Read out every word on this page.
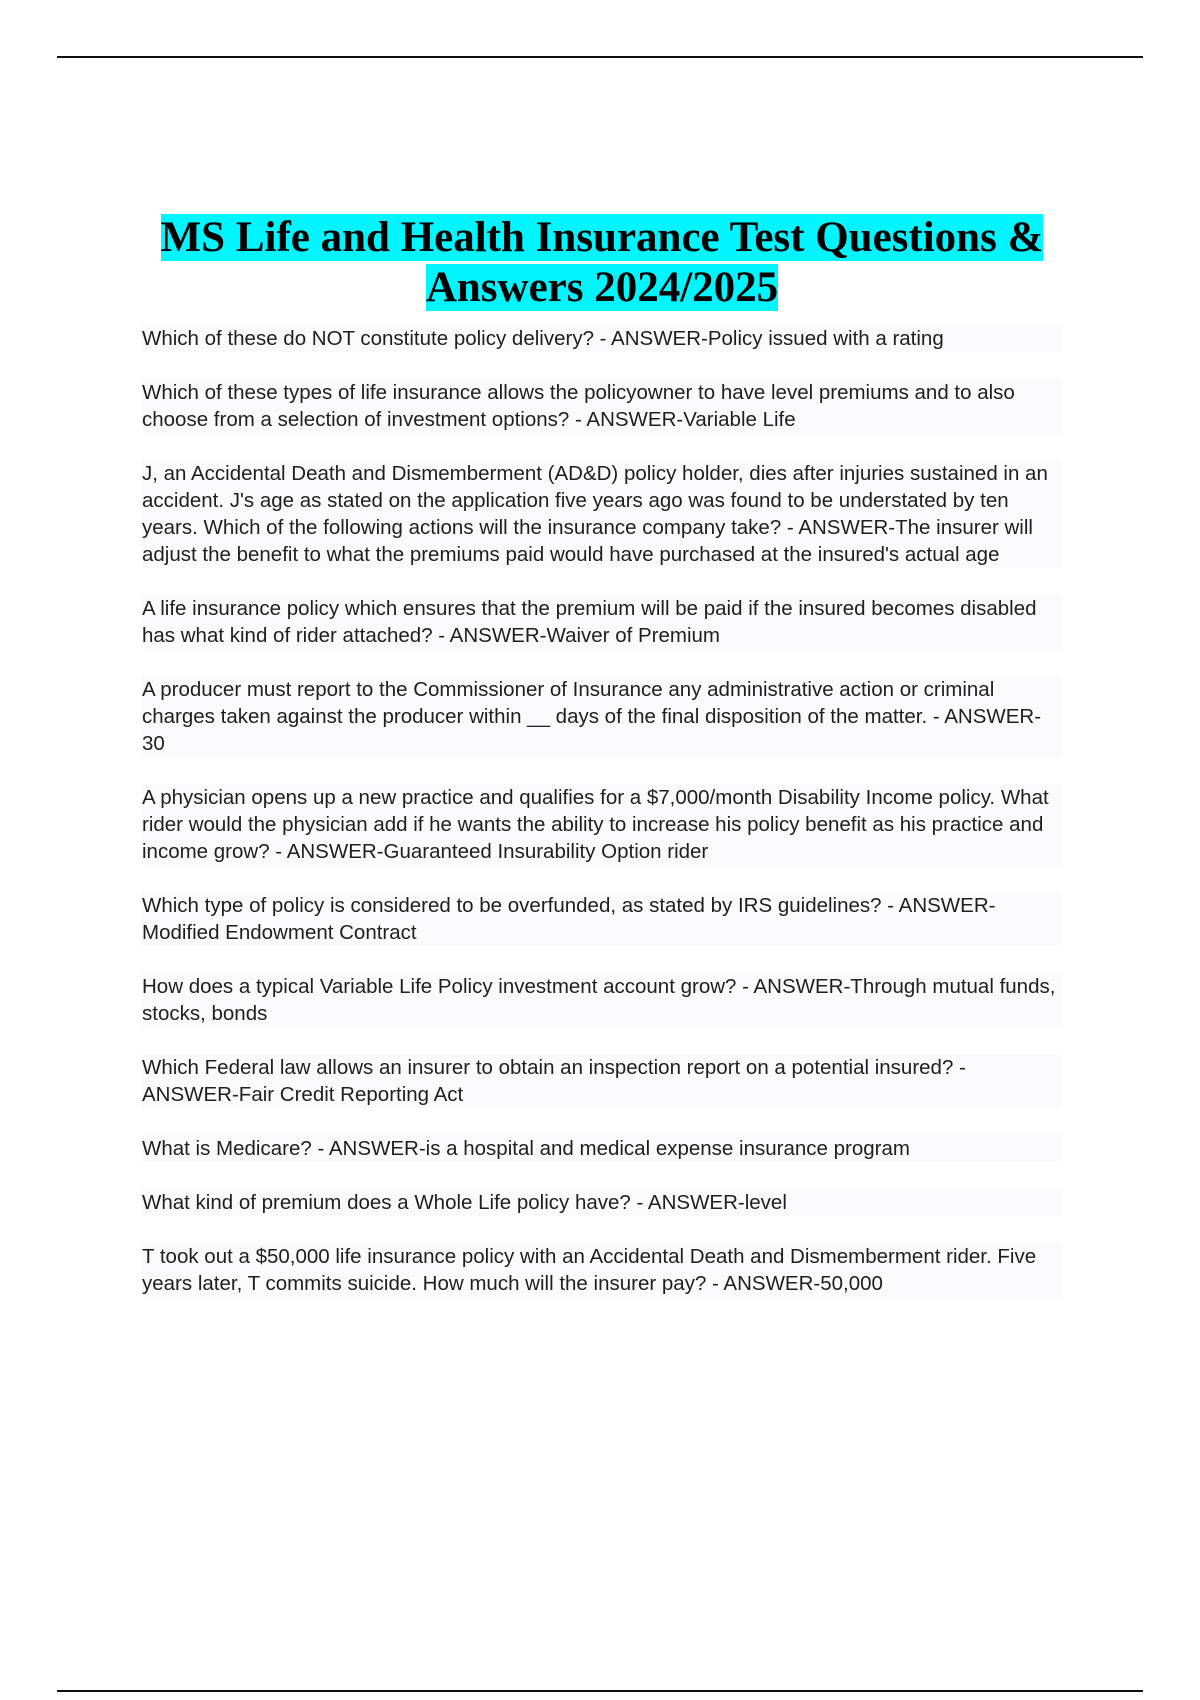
MS Life and Health Insurance Test Questions & Answers 2024/2025
Which of these do NOT constitute policy delivery? - ANSWER-Policy issued with a rating
Which of these types of life insurance allows the policyowner to have level premiums and to also choose from a selection of investment options? - ANSWER-Variable Life
J, an Accidental Death and Dismemberment (AD&D) policy holder, dies after injuries sustained in an accident. J's age as stated on the application five years ago was found to be understated by ten years. Which of the following actions will the insurance company take? - ANSWER-The insurer will adjust the benefit to what the premiums paid would have purchased at the insured's actual age
A life insurance policy which ensures that the premium will be paid if the insured becomes disabled has what kind of rider attached? - ANSWER-Waiver of Premium
A producer must report to the Commissioner of Insurance any administrative action or criminal charges taken against the producer within __ days of the final disposition of the matter. - ANSWER-30
A physician opens up a new practice and qualifies for a $7,000/month Disability Income policy. What rider would the physician add if he wants the ability to increase his policy benefit as his practice and income grow? - ANSWER-Guaranteed Insurability Option rider
Which type of policy is considered to be overfunded, as stated by IRS guidelines? - ANSWER-Modified Endowment Contract
How does a typical Variable Life Policy investment account grow? - ANSWER-Through mutual funds, stocks, bonds
Which Federal law allows an insurer to obtain an inspection report on a potential insured? - ANSWER-Fair Credit Reporting Act
What is Medicare? - ANSWER-is a hospital and medical expense insurance program
What kind of premium does a Whole Life policy have? - ANSWER-level
T took out a $50,000 life insurance policy with an Accidental Death and Dismemberment rider. Five years later, T commits suicide. How much will the insurer pay? - ANSWER-50,000
